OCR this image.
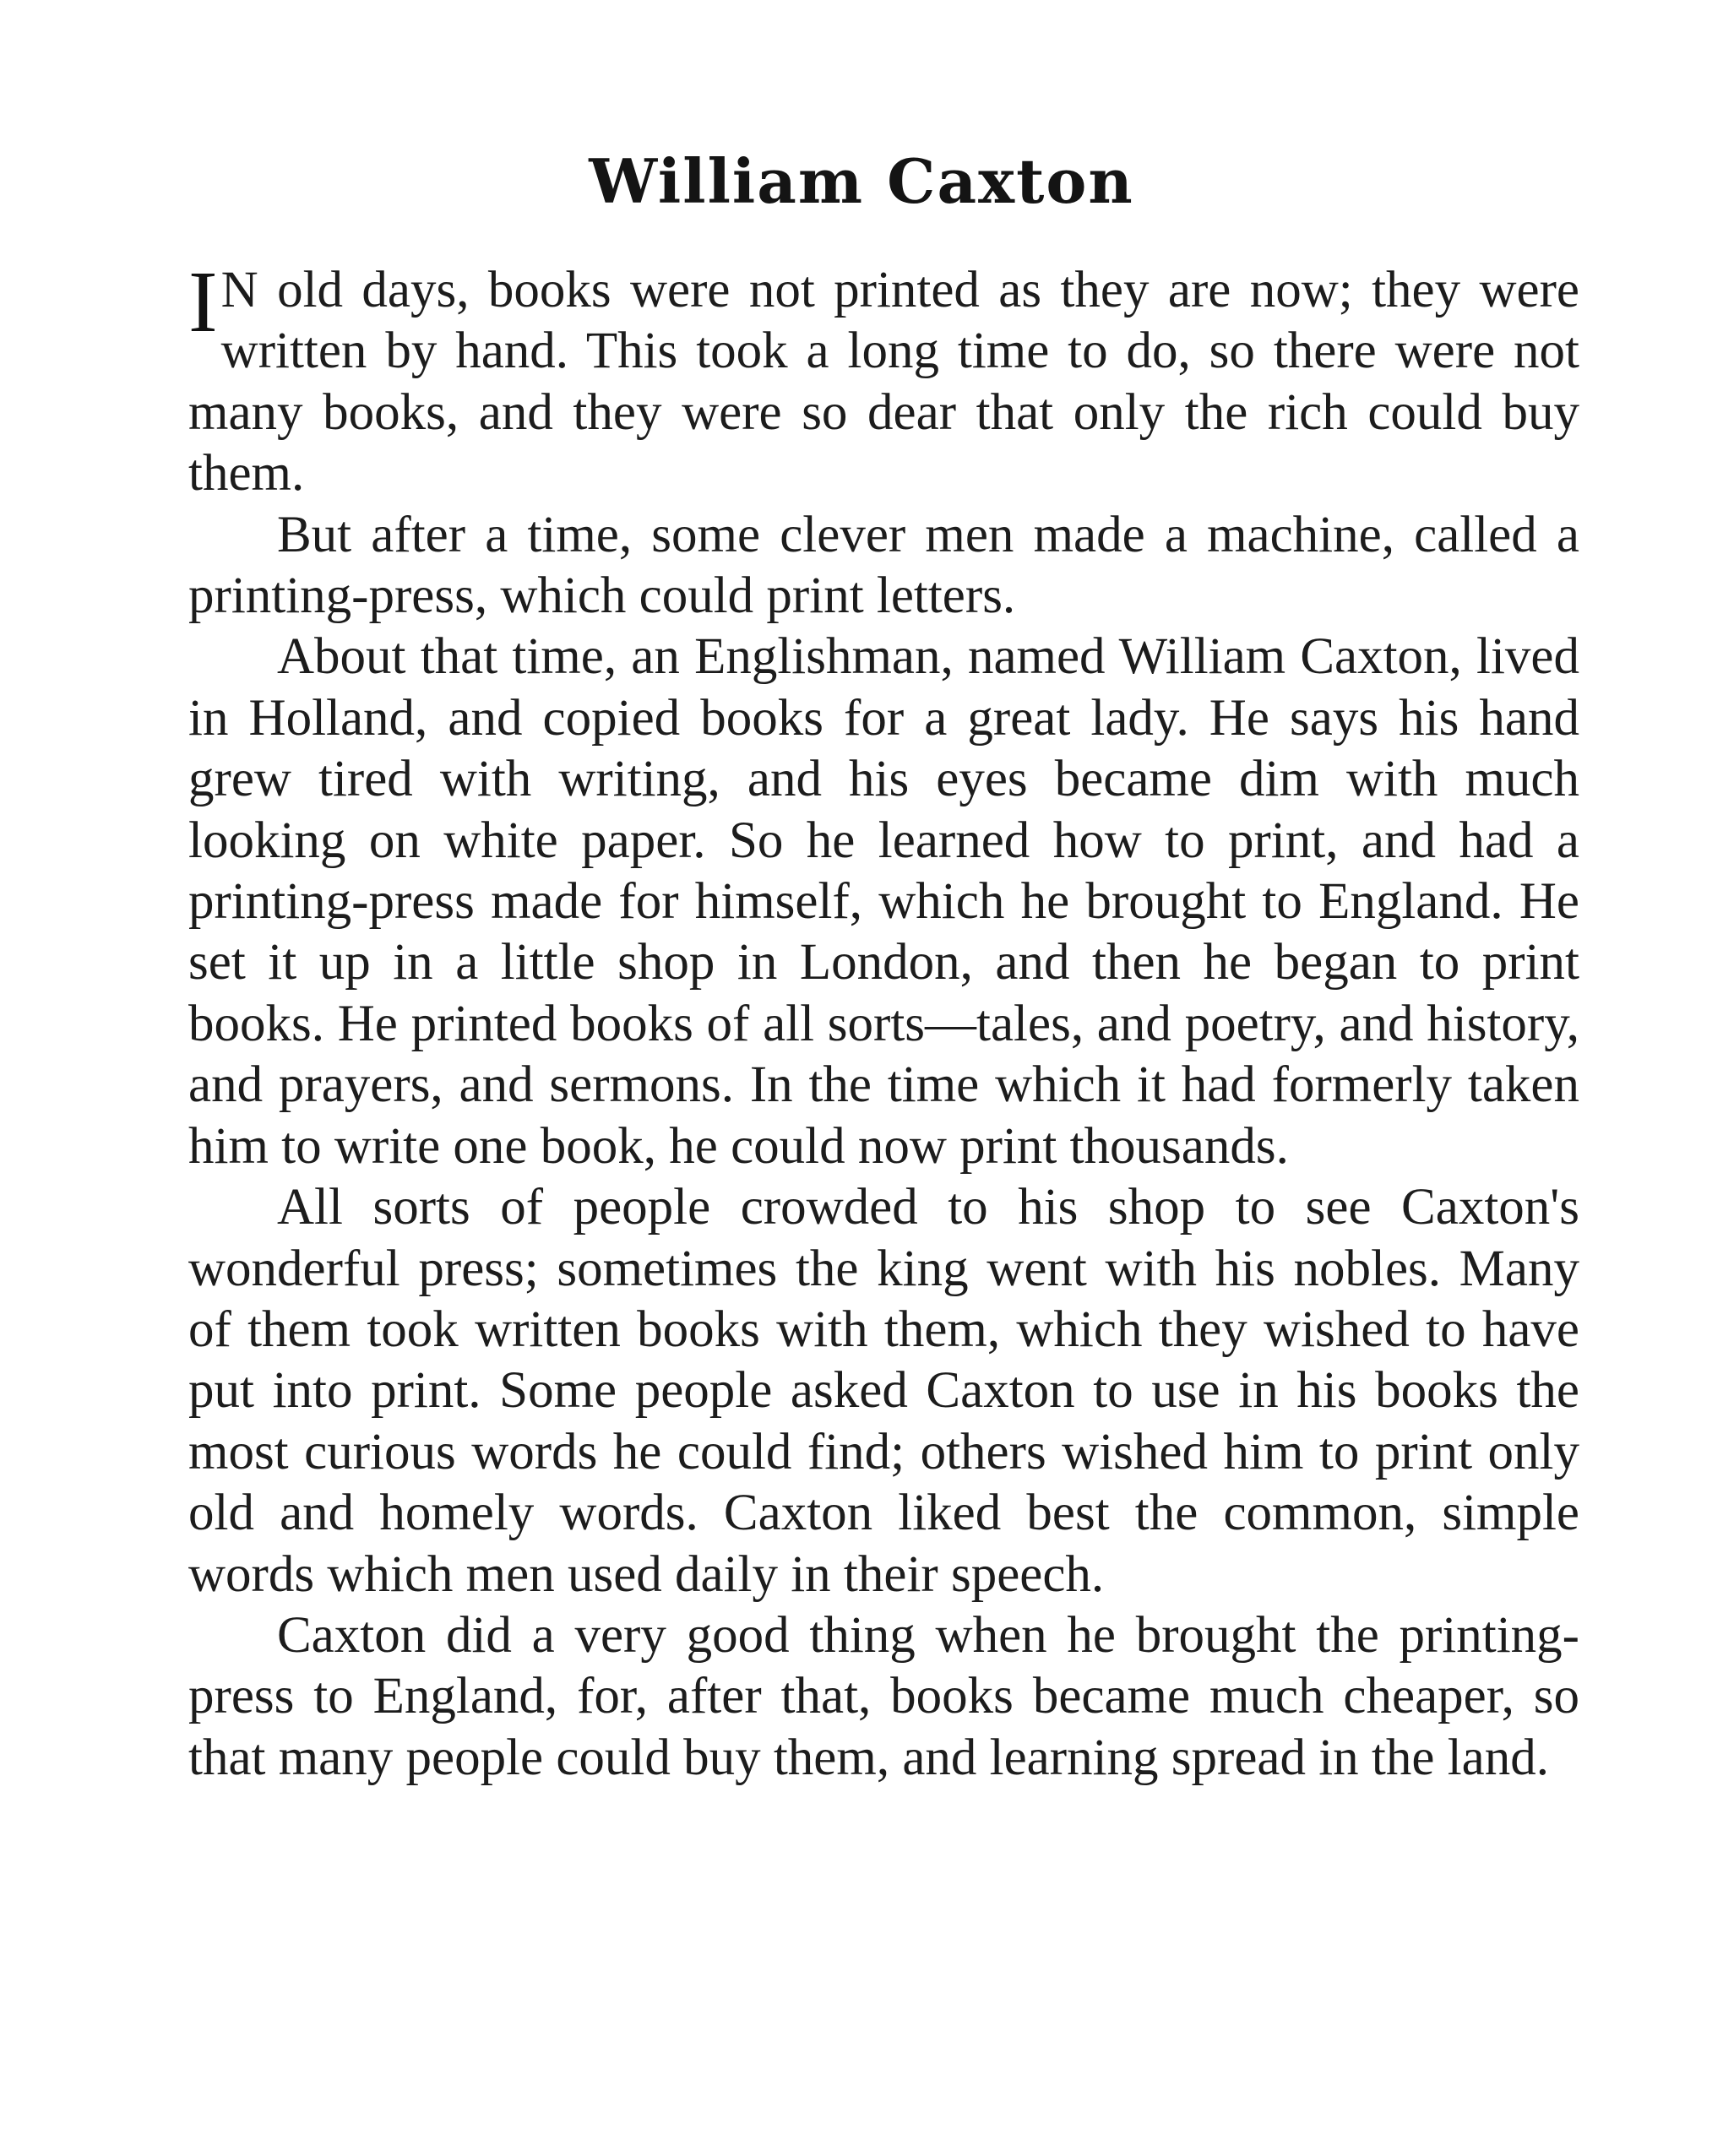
William Caxton

I N old days, books were not printed as they are now; they were written by hand. This took a long time to do, so there were not many books, and they were so dear that only the rich could buy them.

But after a time, some clever men made a machine, called a printing-press, which could print letters.

About that time, an Englishman, named William Caxton, lived in Holland, and copied books for a great lady. He says his hand grew tired with writing, and his eyes became dim with much looking on white paper. So he learned how to print, and had a printing-press made for himself, which he brought to England. He set it up in a little shop in London, and then he began to print books. He printed books of all sorts—tales, and poetry, and history, and prayers, and sermons. In the time which it had formerly taken him to write one book, he could now print thousands.

All sorts of people crowded to his shop to see Caxton's wonderful press; sometimes the king went with his nobles. Many of them took written books with them, which they wished to have put into print. Some people asked Caxton to use in his books the most curious words he could find; others wished him to print only old and homely words. Caxton liked best the common, simple words which men used daily in their speech.

Caxton did a very good thing when he brought the printing-press to England, for, after that, books became much cheaper, so that many people could buy them, and learning spread in the land.
